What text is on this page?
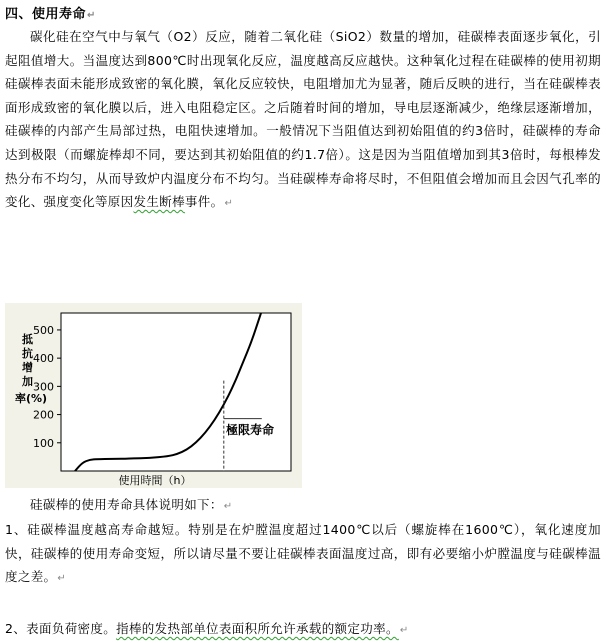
四、使用寿命↵
碳化硅在空气中与氧气（O2）反应，随着二氧化硅（SiO2）数量的增加，硅碳棒表面逐步氧化，引起阻值增大。当温度达到800℃时出现氧化反应，温度越高反应越快。这种氧化过程在硅碳棒的使用初期硅碳棒表面未能形成致密的氧化膜，氧化反应较快，电阻增加尤为显著，随后反映的进行，当在硅碳棒表面形成致密的氧化膜以后，进入电阻稳定区。之后随着时间的增加，导电层逐渐减少，绝缘层逐渐增加，硅碳棒的内部产生局部过热，电阻快速增加。一般情况下当阻值达到初始阻值的约3倍时，硅碳棒的寿命达到极限（而螺旋棒却不同，要达到其初始阻值的约1.7倍）。这是因为当阻值增加到其3倍时，每根棒发热分布不均匀，从而导致炉内温度分布不均匀。当硅碳棒寿命将尽时，不但阻值会增加而且会因气孔率的变化、强度变化等原因发生断棒事件。↵
抵抗增加率(%)
使用時間（h）
100
200
300
400
500
極限寿命
硅碳棒的使用寿命具体说明如下：↵
1、硅碳棒温度越高寿命越短。特别是在炉膛温度超过1400℃以后（螺旋棒在1600℃），氧化速度加快，硅碳棒的使用寿命变短，所以请尽量不要让硅碳棒表面温度过高，即有必要缩小炉膛温度与硅碳棒温度之差。↵
2、表面负荷密度。指棒的发热部单位表面积所允许承载的额定功率。↵
